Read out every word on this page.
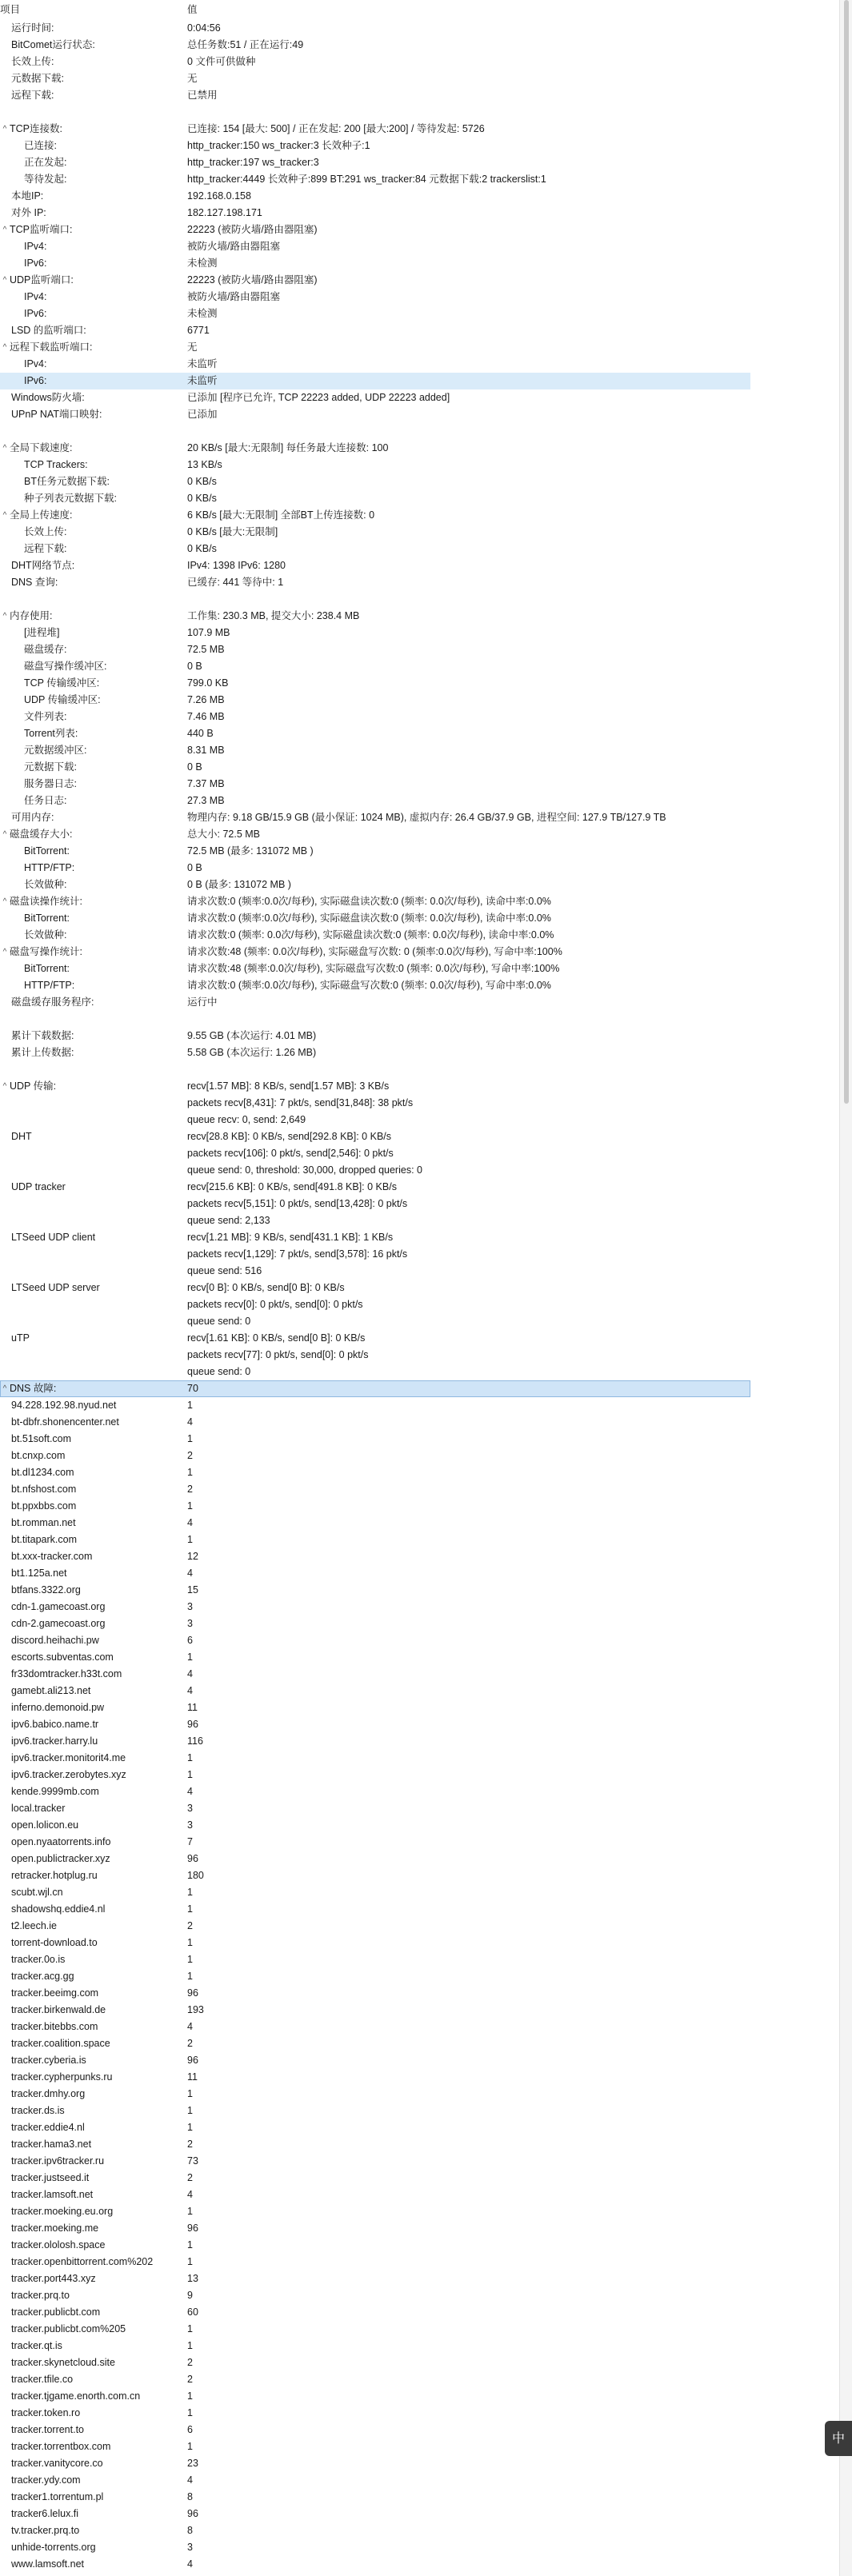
项目	值
运行时间:	0:04:56
BitComet运行状态:	总任务数:51 / 正在运行:49
长效上传:	0 文件可供做种
元数据下载:	无
远程下载:	已禁用
^ TCP连接数:	已连接: 154 [最大: 500] / 正在发起: 200 [最大:200] / 等待发起: 5726
已连接:	http_tracker:150 ws_tracker:3 长效种子:1
正在发起:	http_tracker:197 ws_tracker:3
等待发起:	http_tracker:4449 长效种子:899 BT:291 ws_tracker:84 元数据下载:2 trackerslist:1
本地IP:	192.168.0.158
对外 IP:	182.127.198.171
^ TCP监听端口:	22223 (被防火墙/路由器阻塞)
IPv4:	被防火墙/路由器阻塞
IPv6:	未检测
^ UDP监听端口:	22223 (被防火墙/路由器阻塞)
IPv4:	被防火墙/路由器阻塞
IPv6:	未检测
LSD 的监听端口:	6771
^ 远程下载监听端口:	无
IPv4:	未监听
IPv6:	未监听
Windows防火墙:	已添加 [程序已允许, TCP 22223 added, UDP 22223 added]
UPnP NAT端口映射:	已添加
^ 全局下载速度:	20 KB/s [最大:无限制] 每任务最大连接数: 100
TCP Trackers:	13 KB/s
BT任务元数据下载:	0 KB/s
种子列表元数据下载:	0 KB/s
^ 全局上传速度:	6 KB/s [最大:无限制] 全部BT上传连接数: 0
长效上传:	0 KB/s [最大:无限制]
远程下载:	0 KB/s
DHT网络节点:	IPv4: 1398 IPv6: 1280
DNS 查询:	已缓存: 441 等待中: 1
^ 内存使用:	工作集: 230.3 MB, 提交大小: 238.4 MB
[进程堆]	107.9 MB
磁盘缓存:	72.5 MB
磁盘写操作缓冲区:	0 B
TCP 传输缓冲区:	799.0 KB
UDP 传输缓冲区:	7.26 MB
文件列表:	7.46 MB
Torrent列表:	440 B
元数据缓冲区:	8.31 MB
元数据下载:	0 B
服务器日志:	7.37 MB
任务日志:	27.3 MB
可用内存:	物理内存: 9.18 GB/15.9 GB (最小保证: 1024 MB), 虚拟内存: 26.4 GB/37.9 GB, 进程空间: 127.9 TB/127.9 TB
^ 磁盘缓存大小:	总大小: 72.5 MB
BitTorrent:	72.5 MB (最多: 131072 MB )
HTTP/FTP:	0 B
长效做种:	0 B (最多: 131072 MB )
^ 磁盘读操作统计:	请求次数:0 (频率:0.0次/每秒), 实际磁盘读次数:0 (频率: 0.0次/每秒), 读命中率:0.0%
BitTorrent:	请求次数:0 (频率:0.0次/每秒), 实际磁盘读次数:0 (频率: 0.0次/每秒), 读命中率:0.0%
长效做种:	请求次数:0 (频率: 0.0次/每秒), 实际磁盘读次数:0 (频率: 0.0次/每秒), 读命中率:0.0%
^ 磁盘写操作统计:	请求次数:48 (频率: 0.0次/每秒), 实际磁盘写次数: 0 (频率:0.0次/每秒), 写命中率:100%
BitTorrent:	请求次数:48 (频率:0.0次/每秒), 实际磁盘写次数:0 (频率: 0.0次/每秒), 写命中率:100%
HTTP/FTP:	请求次数:0 (频率:0.0次/每秒), 实际磁盘写次数:0 (频率: 0.0次/每秒), 写命中率:0.0%
磁盘缓存服务程序:	运行中
累计下载数据:	9.55 GB (本次运行: 4.01 MB)
累计上传数据:	5.58 GB (本次运行: 1.26 MB)
^ UDP 传输:	recv[1.57 MB]: 8 KB/s, send[1.57 MB]: 3 KB/s
packets recv[8,431]: 7 pkt/s, send[31,848]: 38 pkt/s
queue recv: 0, send: 2,649
DHT	recv[28.8 KB]: 0 KB/s, send[292.8 KB]: 0 KB/s
packets recv[106]: 0 pkt/s, send[2,546]: 0 pkt/s
queue send: 0, threshold: 30,000, dropped queries: 0
UDP tracker	recv[215.6 KB]: 0 KB/s, send[491.8 KB]: 0 KB/s
packets recv[5,151]: 0 pkt/s, send[13,428]: 0 pkt/s
queue send: 2,133
LTSeed UDP client	recv[1.21 MB]: 9 KB/s, send[431.1 KB]: 1 KB/s
packets recv[1,129]: 7 pkt/s, send[3,578]: 16 pkt/s
queue send: 516
LTSeed UDP server	recv[0 B]: 0 KB/s, send[0 B]: 0 KB/s
packets recv[0]: 0 pkt/s, send[0]: 0 pkt/s
queue send: 0
uTP	recv[1.61 KB]: 0 KB/s, send[0 B]: 0 KB/s
packets recv[77]: 0 pkt/s, send[0]: 0 pkt/s
queue send: 0
^ DNS 故障:	70
94.228.192.98.nyud.net	1
bt-dbfr.shonencenter.net	4
bt.51soft.com	1
bt.cnxp.com	2
bt.dl1234.com	1
bt.nfshost.com	2
bt.ppxbbs.com	1
bt.romman.net	4
bt.titapark.com	1
bt.xxx-tracker.com	12
bt1.125a.net	4
btfans.3322.org	15
cdn-1.gamecoast.org	3
cdn-2.gamecoast.org	3
discord.heihachi.pw	6
escorts.subventas.com	1
fr33domtracker.h33t.com	4
gamebt.ali213.net	4
inferno.demonoid.pw	11
ipv6.babico.name.tr	96
ipv6.tracker.harry.lu	116
ipv6.tracker.monitorit4.me	1
ipv6.tracker.zerobytes.xyz	1
kende.9999mb.com	4
local.tracker	3
open.lolicon.eu	3
open.nyaatorrents.info	7
open.publictracker.xyz	96
retracker.hotplug.ru	180
scubt.wjl.cn	1
shadowshq.eddie4.nl	1
t2.leech.ie	2
torrent-download.to	1
tracker.0o.is	1
tracker.acg.gg	1
tracker.beeimg.com	96
tracker.birkenwald.de	193
tracker.bitebbs.com	4
tracker.coalition.space	2
tracker.cyberia.is	96
tracker.cypherpunks.ru	11
tracker.dmhy.org	1
tracker.ds.is	1
tracker.eddie4.nl	1
tracker.hama3.net	2
tracker.ipv6tracker.ru	73
tracker.justseed.it	2
tracker.lamsoft.net	4
tracker.moeking.eu.org	1
tracker.moeking.me	96
tracker.ololosh.space	1
tracker.openbittorrent.com%202	1
tracker.port443.xyz	13
tracker.prq.to	9
tracker.publicbt.com	60
tracker.publicbt.com%205	1
tracker.qt.is	1
tracker.skynetcloud.site	2
tracker.tfile.co	2
tracker.tjgame.enorth.com.cn	1
tracker.token.ro	1
tracker.torrent.to	6
tracker.torrentbox.com	1
tracker.vanitycore.co	23
tracker.ydy.com	4
tracker1.torrentum.pl	8
tracker6.lelux.fi	96
tv.tracker.prq.to	8
unhide-torrents.org	3
www.lamsoft.net	4
中
